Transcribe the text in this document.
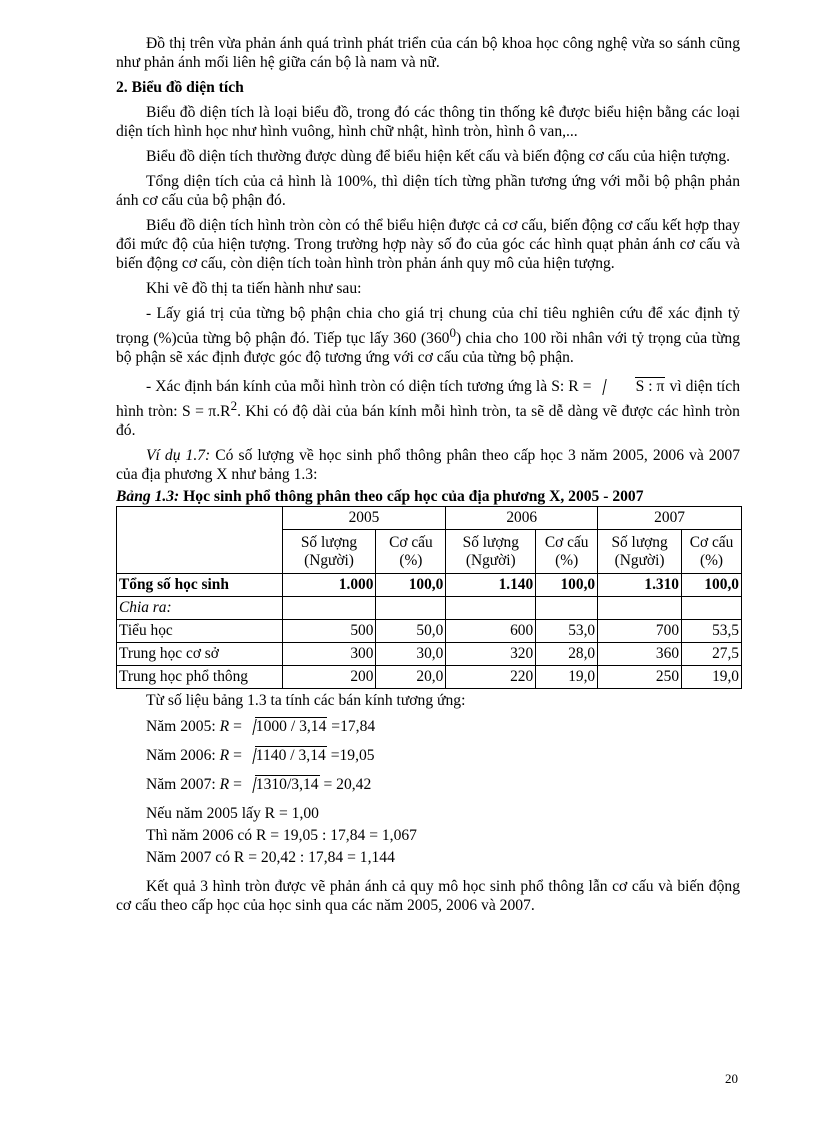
Đồ thị trên vừa phản ánh quá trình phát triển của cán bộ khoa học công nghệ vừa so sánh cũng như phản ánh mối liên hệ giữa cán bộ là nam và nữ.

2. Biểu đồ diện tích

Biểu đồ diện tích là loại biểu đồ, trong đó các thông tin thống kê được biểu hiện bằng các loại diện tích hình học như hình vuông, hình chữ nhật, hình tròn, hình ô van,...

Biểu đồ diện tích thường được dùng để biểu hiện kết cấu và biến động cơ cấu của hiện tượng.

Tổng diện tích của cả hình là 100%, thì diện tích từng phần tương ứng với mỗi bộ phận phản ánh cơ cấu của bộ phận đó.

Biểu đồ diện tích hình tròn còn có thể biểu hiện được cả cơ cấu, biến động cơ cấu kết hợp thay đổi mức độ của hiện tượng. Trong trường hợp này số đo của góc các hình quạt phản ánh cơ cấu và biến động cơ cấu, còn diện tích toàn hình tròn phản ánh quy mô của hiện tượng.

Khi vẽ đồ thị ta tiến hành như sau:

- Lấy giá trị của từng bộ phận chia cho giá trị chung của chỉ tiêu nghiên cứu để xác định tỷ trọng (%)của từng bộ phận đó. Tiếp tục lấy 360 $(360^0)$ chia cho 100 rồi nhân với tỷ trọng của từng bộ phận sẽ xác định được góc độ tương ứng với cơ cấu của từng bộ phận.

- Xác định bán kính của mỗi hình tròn có diện tích tương ứng là S: R =	S : π vì diện tích hình tròn: $S = \pi.R^2$. Khi có độ dài của bán kính mỗi hình tròn, ta sẽ dễ dàng vẽ được các hình tròn đó.

Ví dụ 1.7: Có số lượng về học sinh phổ thông phân theo cấp học 3 năm 2005, 2006 và 2007 của địa phương X như bảng 1.3:

Bảng 1.3: Học sinh phổ thông phân theo cấp học của địa phương X, 2005 - 2007

	2005		2006		2007	
	Số lượng (Người)	Cơ cấu (%)	Số lượng (Người)	Cơ cấu (%)	Số lượng (Người)	Cơ cấu (%)
Tổng số học sinh	1.000	100,0	1.140	100,0	1.310	100,0
Chia ra:						
Tiểu học	500	50,0	600	53,0	700	53,5
Trung học cơ sở	300	30,0	320	28,0	360	27,5
Trung học phổ thông	200	20,0	220	19,0	250	19,0

Từ số liệu bảng 1.3 ta tính các bán kính tương ứng:

Năm 2005: R = 1000 / 3,14 =17,84

Năm 2006: R = 1140 / 3,14 =19,05

Năm 2007: R = 1310/3,14 = 20,42

Nếu năm 2005 lấy R = 1,00

Thì năm 2006 có R = 19,05 : 17,84 = 1,067

Năm 2007 có R = 20,42 : 17,84 = 1,144

Kết quả 3 hình tròn được vẽ phản ánh cả quy mô học sinh phổ thông lẫn cơ cấu và biến động cơ cấu theo cấp học của học sinh qua các năm 2005, 2006 và 2007.

20
